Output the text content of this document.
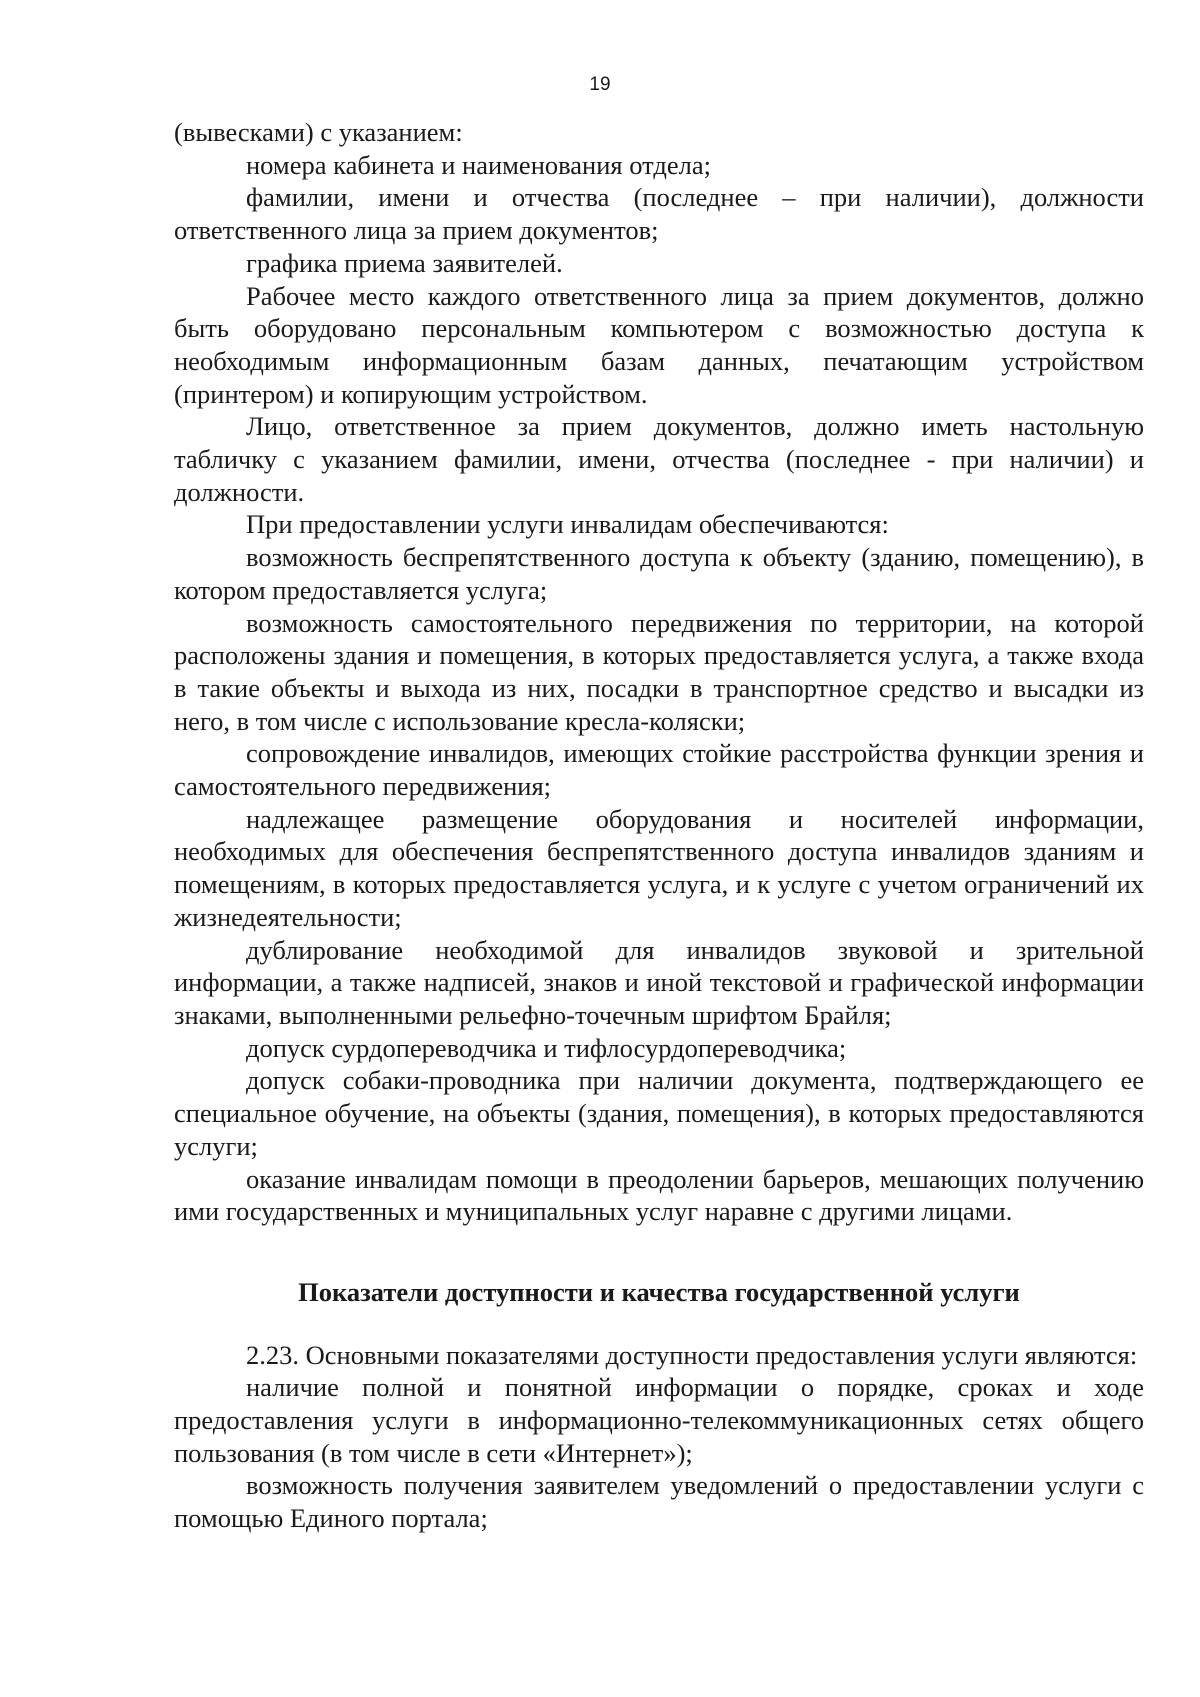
19

(вывесками) с указанием:

номера кабинета и наименования отдела;

фамилии, имени и отчества (последнее – при наличии), должности ответственного лица за прием документов;

графика приема заявителей.

Рабочее место каждого ответственного лица за прием документов, должно быть оборудовано персональным компьютером с возможностью доступа к необходимым информационным базам данных, печатающим устройством (принтером) и копирующим устройством.

Лицо, ответственное за прием документов, должно иметь настольную табличку с указанием фамилии, имени, отчества (последнее - при наличии) и должности.

При предоставлении услуги инвалидам обеспечиваются:

возможность беспрепятственного доступа к объекту (зданию, помещению), в котором предоставляется услуга;

возможность самостоятельного передвижения по территории, на которой расположены здания и помещения, в которых предоставляется услуга, а также входа в такие объекты и выхода из них, посадки в транспортное средство и высадки из него, в том числе с использование кресла-коляски;

сопровождение инвалидов, имеющих стойкие расстройства функции зрения и самостоятельного передвижения;

надлежащее размещение оборудования и носителей информации, необходимых для обеспечения беспрепятственного доступа инвалидов зданиям и помещениям, в которых предоставляется услуга, и к услуге с учетом ограничений их жизнедеятельности;

дублирование необходимой для инвалидов звуковой и зрительной информации, а также надписей, знаков и иной текстовой и графической информации знаками, выполненными рельефно-точечным шрифтом Брайля;

допуск сурдопереводчика и тифлосурдопереводчика;

допуск собаки-проводника при наличии документа, подтверждающего ее специальное обучение, на объекты (здания, помещения), в которых предоставляются услуги;

оказание инвалидам помощи в преодолении барьеров, мешающих получению ими государственных и муниципальных услуг наравне с другими лицами.

Показатели доступности и качества государственной услуги

2.23. Основными показателями доступности предоставления услуги являются:

наличие полной и понятной информации о порядке, сроках и ходе предоставления услуги в информационно-телекоммуникационных сетях общего пользования (в том числе в сети «Интернет»);

возможность получения заявителем уведомлений о предоставлении услуги с помощью Единого портала;
